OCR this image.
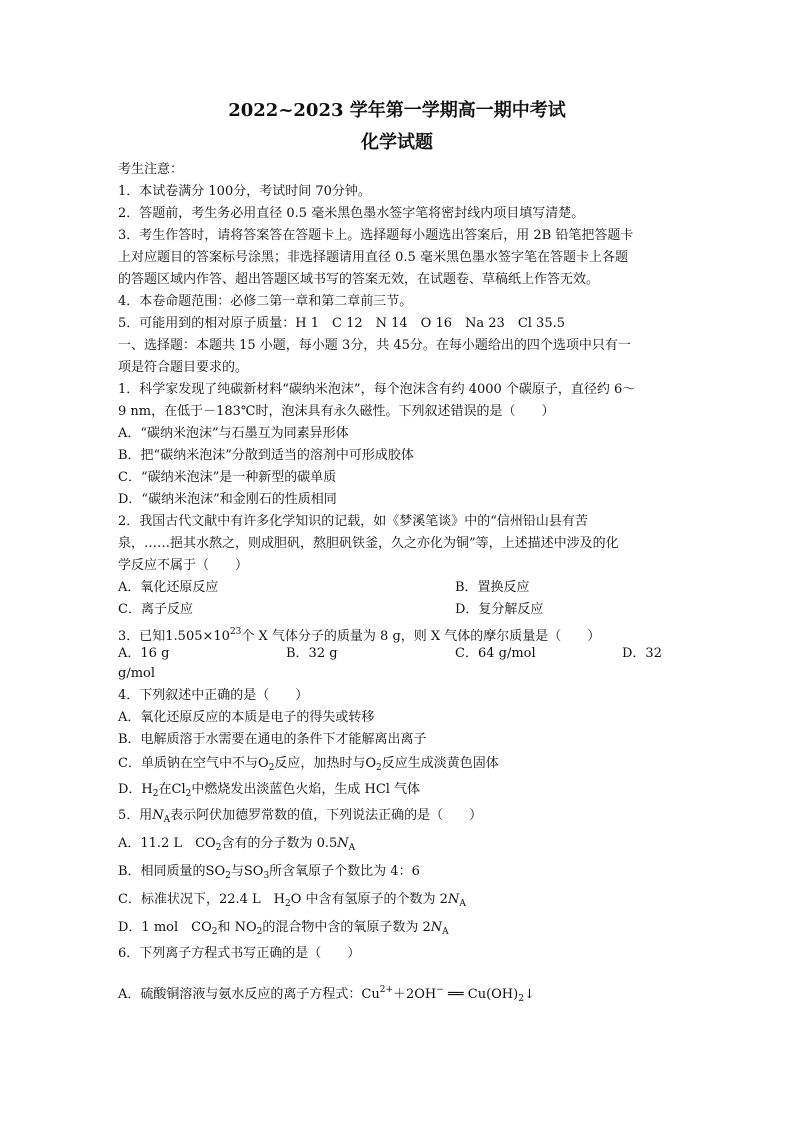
2022~2023 学年第一学期高一期中考试
化学试题
考生注意：
1．本试卷满分 100分，考试时间 70分钟。
2．答题前，考生务必用直径 0.5 毫米黑色墨水签字笔将密封线内项目填写清楚。
3．考生作答时，请将答案答在答题卡上。选择题每小题选出答案后，用 2B 铅笔把答题卡
上对应题目的答案标号涂黑；非选择题请用直径 0.5 毫米黑色墨水签字笔在答题卡上各题
的答题区域内作答、超出答题区域书写的答案无效，在试题卷、草稿纸上作答无效。
4．本卷命题范围：必修二第一章和第二章前三节。
5．可能用到的相对原子质量：H 1　C 12　N 14　O 16　Na 23　Cl 35.5
一、选择题：本题共 15 小题，每小题 3分，共 45分。在每小题给出的四个选项中只有一
项是符合题目要求的。
1．科学家发现了纯碳新材料“碳纳米泡沫”，每个泡沫含有约 4000 个碳原子，直径约 6～
9 nm，在低于－183℃时，泡沫具有永久磁性。下列叙述错误的是（　　）
A．“碳纳米泡沫”与石墨互为同素异形体
B．把“碳纳米泡沫”分散到适当的溶剂中可形成胶体
C．“碳纳米泡沫”是一种新型的碳单质
D．“碳纳米泡沫”和金刚石的性质相同
2．我国古代文献中有许多化学知识的记载，如《梦溪笔谈》中的“信州铅山县有苦
泉，……挹其水熬之，则成胆矾，熬胆矾铁釜，久之亦化为铜”等，上述描述中涉及的化
学反应不属于（　　）
A．氧化还原反应	B．置换反应
C．离子反应	D．复分解反应
3．已知$1.505\times 10^{23}$个 X 气体分子的质量为 8 g，则 X 气体的摩尔质量是（　　）
A．16 g	B．32 g	C．64 g/mol	D．32
g/mol
4．下列叙述中正确的是（　　）
A．氧化还原反应的本质是电子的得失或转移
B．电解质溶于水需要在通电的条件下才能解离出离子
C．单质钠在空气中不与$O_2$反应，加热时与$O_2$反应生成淡黄色固体
D．$H_2$在$Cl_2$中燃烧发出淡蓝色火焰，生成 HCl 气体
5．用$N_A$表示阿伏加德罗常数的值，下列说法正确的是（　　）
A．11.2 L　$CO_2$含有的分子数为 $0.5N_A$
B．相同质量的$SO_2$与$SO_3$所含氧原子个数比为 4：6
C．标准状况下，22.4 L　$H_2O$ 中含有氢原子的个数为 $2N_A$
D．1 mol　$CO_2$和 $NO_2$的混合物中含的氧原子数为 $2N_A$
6．下列离子方程式书写正确的是（　　）
A．硫酸铜溶液与氨水反应的离子方程式：$Cu^{2+}+2OH^-$ ══ $Cu(OH)_2↓$
